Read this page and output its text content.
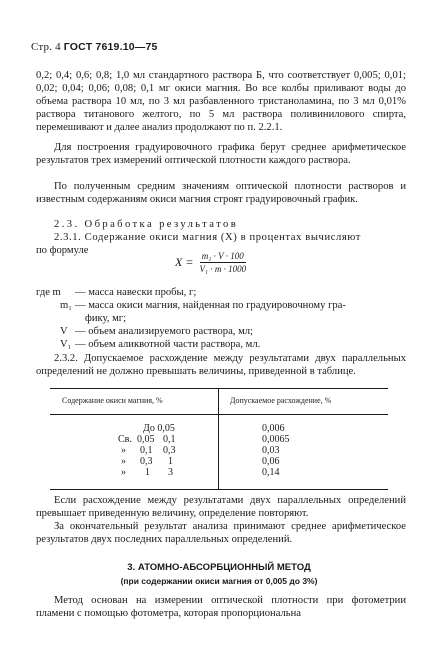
Стр. 4 ГОСТ 7619.10—75
0,2; 0,4; 0,6; 0,8; 1,0 мл стандартного раствора Б, что соответствует 0,005; 0,01; 0,02; 0,04; 0,06; 0,08; 0,1 мг окиси магния. Во все колбы приливают воды до объема раствора 10 мл, по 3 мл разбавленного тристаноламина, по 3 мл 0,01% раствора титанового желтого, по 5 мл раствора поливинилового спирта, перемешивают и далее анализ продолжают по п. 2.2.1.
Для построения градуировочного графика берут среднее арифметическое результатов трех измерений оптической плотности каждого раствора.
По полученным средним значениям оптической плотности растворов и известным содержаниям окиси магния строят градуировочный график.
2.3. Обработка результатов
2.3.1. Содержание окиси магния (X) в процентах вычисляют
по формуле
$X = \frac{\text{m₁ · V · 100}}{\text{V₁ · m · 1000}}$
где m — масса навески пробы, г;
m₁ — масса окиси магния, найденная по градуировочному гра-
фику, мг;
V — объем анализируемого раствора, мл;
V₁ — объем аликвотной части раствора, мл.
2.3.2. Допускаемое расхождение между результатами двух параллельных определений не должно превышать величины, приведенной в таблице.
Содержание окиси магния, %	Допускаемое расхождение, %
До 0,05	0,006
Св. 0,05 0,1	0,0065
» 0,1 0,3	0,03
» 0,3 1	0,06
» 1 3	0,14
Если расхождение между результатами двух параллельных определений превышает приведенную величину, определение повторяют.
За окончательный результат анализа принимают среднее арифметическое результатов двух последних параллельных определений.
3. АТОМНО-АБСОРБЦИОННЫЙ МЕТОД
(при содержании окиси магния от 0,005 до 3%)
Метод основан на измерении оптической плотности при фотометрии пламени с помощью фотометра, которая пропорциональна
